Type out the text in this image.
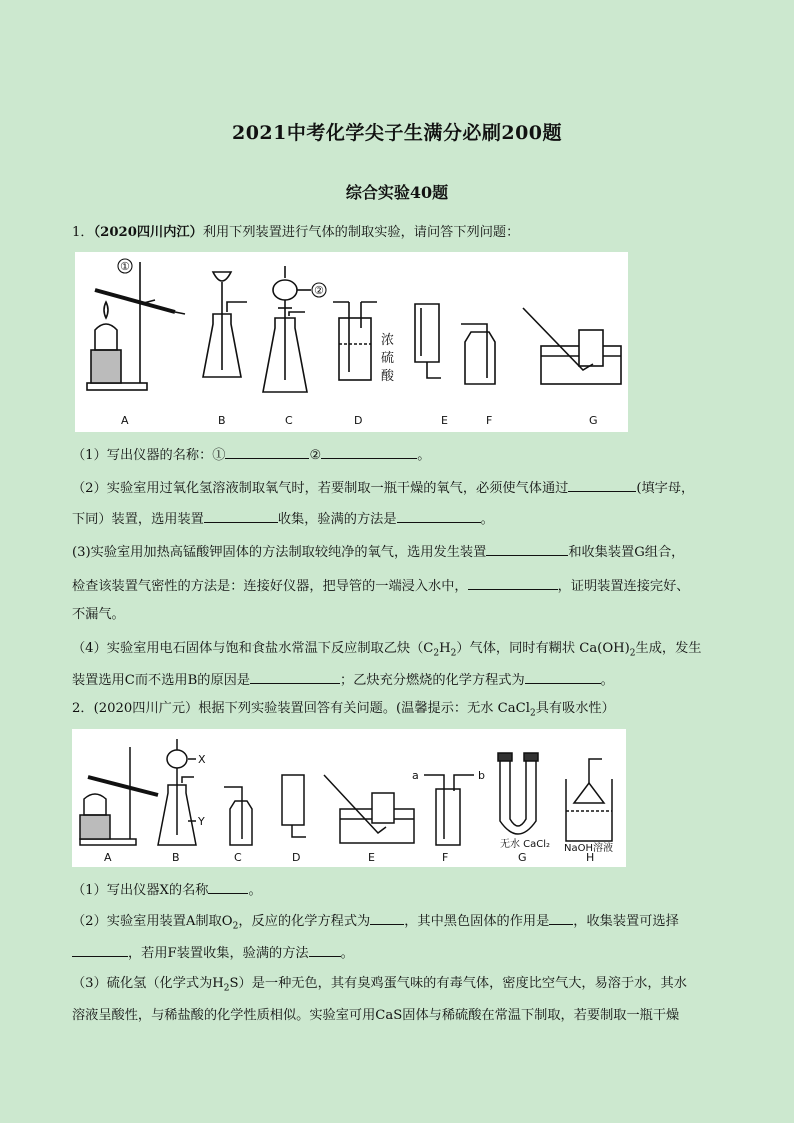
2021中考化学尖子生满分必刷200题
综合实验40题
1．（2020四川内江）利用下列装置进行气体的制取实验，请问答下列问题：
①
②
浓
硫
酸
A	B	C	D	E	F	G
（1）写出仪器的名称：①	②	。
（2）实验室用过氧化氢溶液制取氧气时，若要制取一瓶干燥的氧气，必须使气体通过	(填字母，
下同）装置，选用装置	收集，验满的方法是	。
(3)实验室用加热高锰酸钾固体的方法制取较纯净的氧气，选用发生装置	和收集装置G组合，
检查该装置气密性的方法是：连接好仪器，把导管的一端浸入水中，	，证明装置连接完好、
不漏气。
（4）实验室用电石固体与饱和食盐水常温下反应制取乙炔$(C_2H_2)$气体，同时有糊状 $Ca(OH)_2$生成，发生
装置选用C而不选用B的原因是	；乙炔充分燃烧的化学方程式为	。
2．(2020四川广元）根据下列实验装置回答有关问题。(温馨提示：无水 CaCl$_2$具有吸水性）
X
Y
a	b
无水 CaCl₂ NaOH溶液
A	B	C	D	E	F	G	H
（1）写出仪器X的名称	。
（2）实验室用装置A制取$O_2$，反应的化学方程式为	，其中黑色固体的作用是 ，收集装置可选择
，若用F装置收集，验满的方法 。
（3）硫化氢（化学式为$H_2S$）是一种无色，其有臭鸡蛋气味的有毒气体，密度比空气大，易溶于水，其水
溶液呈酸性，与稀盐酸的化学性质相似。实验室可用CaS固体与稀硫酸在常温下制取，若要制取一瓶干燥
